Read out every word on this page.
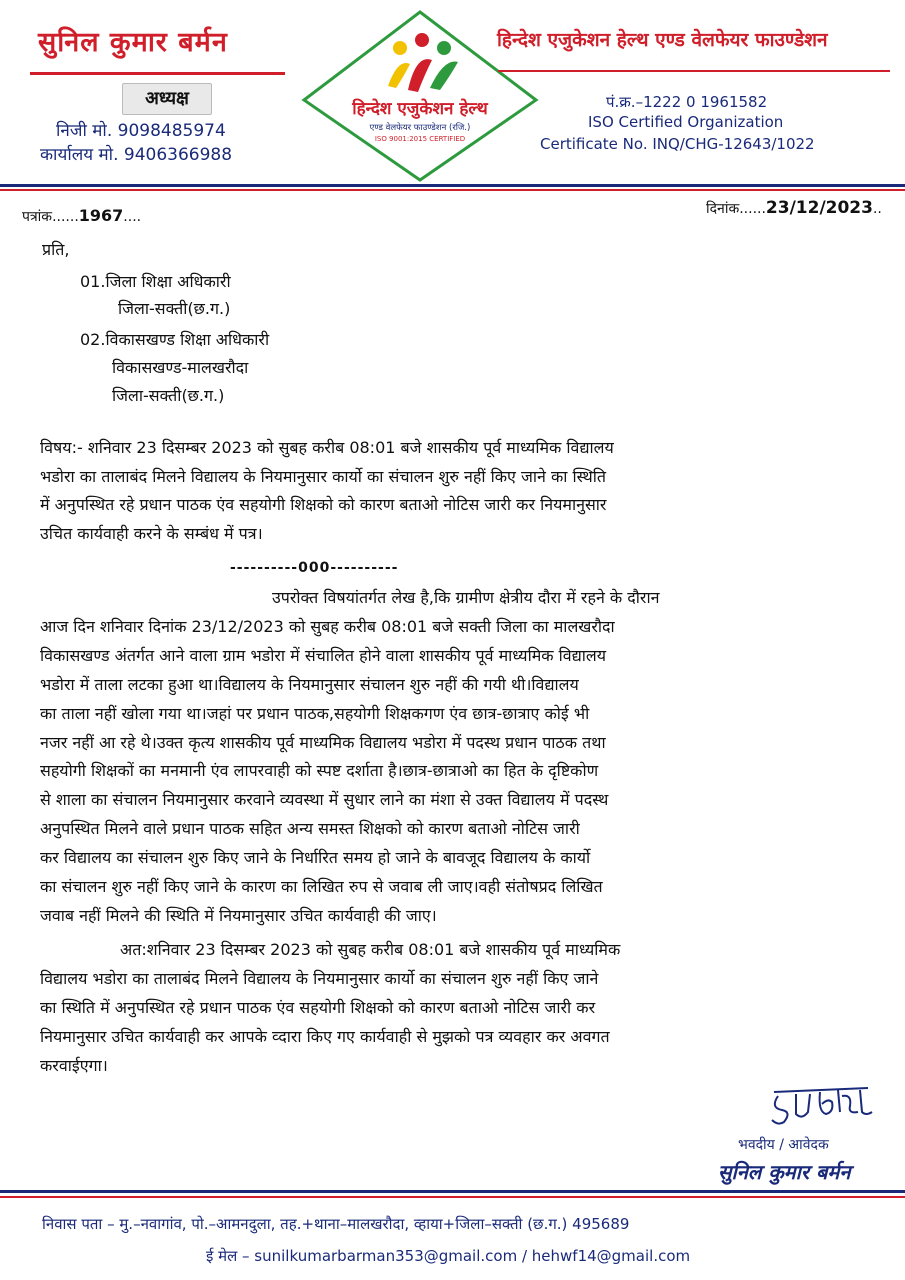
सुनिल कुमार बर्मन
अध्यक्ष
निजी मो. 9098485974
कार्यालय मो. 9406366988
हिन्देश एजुकेशन हेल्थ
एण्ड वेलफेयर फाउण्डेशन (रजि.)
ISO 9001:2015 CERTIFIED
हिन्देश एजुकेशन हेल्थ एण्ड वेलफेयर फाउण्डेशन
पं.क्र.–1222 0 1961582
ISO Certified Organization
Certificate No. INQ/CHG-12643/1022
पत्रांक......1967....	दिनांक......23/12/2023..
प्रति,
01.जिला शिक्षा अधिकारी
जिला-सक्ती(छ.ग.)
02.विकासखण्ड शिक्षा अधिकारी
विकासखण्ड-मालखरौदा
जिला-सक्ती(छ.ग.)
विषय:- शनिवार 23 दिसम्बर 2023 को सुबह करीब 08:01 बजे शासकीय पूर्व माध्यमिक विद्यालय
भडोरा का तालाबंद मिलने विद्यालय के नियमानुसार कार्यो का संचालन शुरु नहीं किए जाने का स्थिति
में अनुपस्थित रहे प्रधान पाठक एंव सहयोगी शिक्षको को कारण बताओ नोटिस जारी कर नियमानुसार
उचित कार्यवाही करने के सम्बंध में पत्र।
----------000----------
उपरोक्त विषयांतर्गत लेख है,कि ग्रामीण क्षेत्रीय दौरा में रहने के दौरान
आज दिन शनिवार दिनांक 23/12/2023 को सुबह करीब 08:01 बजे सक्ती जिला का मालखरौदा
विकासखण्ड अंतर्गत आने वाला ग्राम भडोरा में संचालित होने वाला शासकीय पूर्व माध्यमिक विद्यालय
भडोरा में ताला लटका हुआ था।विद्यालय के नियमानुसार संचालन शुरु नहीं की गयी थी।विद्यालय
का ताला नहीं खोला गया था।जहां पर प्रधान पाठक,सहयोगी शिक्षकगण एंव छात्र-छात्राए कोई भी
नजर नहीं आ रहे थे।उक्त कृत्य शासकीय पूर्व माध्यमिक विद्यालय भडोरा में पदस्थ प्रधान पाठक तथा
सहयोगी शिक्षकों का मनमानी एंव लापरवाही को स्पष्ट दर्शाता है।छात्र-छात्राओ का हित के दृष्टिकोण
से शाला का संचालन नियमानुसार करवाने व्यवस्था में सुधार लाने का मंशा से उक्त विद्यालय में पदस्थ
अनुपस्थित मिलने वाले प्रधान पाठक सहित अन्य समस्त शिक्षको को कारण बताओ नोटिस जारी
कर विद्यालय का संचालन शुरु किए जाने के निर्धारित समय हो जाने के बावजूद विद्यालय के कार्यो
का संचालन शुरु नहीं किए जाने के कारण का लिखित रुप से जवाब ली जाए।वही संतोषप्रद लिखित
जवाब नहीं मिलने की स्थिति में नियमानुसार उचित कार्यवाही की जाए।
अत:शनिवार 23 दिसम्बर 2023 को सुबह करीब 08:01 बजे शासकीय पूर्व माध्यमिक
विद्यालय भडोरा का तालाबंद मिलने विद्यालय के नियमानुसार कार्यो का संचालन शुरु नहीं किए जाने
का स्थिति में अनुपस्थित रहे प्रधान पाठक एंव सहयोगी शिक्षको को कारण बताओ नोटिस जारी कर
नियमानुसार उचित कार्यवाही कर आपके व्दारा किए गए कार्यवाही से मुझको पत्र व्यवहार कर अवगत
करवाईएगा।
भवदीय / आवेदक
सुनिल कुमार बर्मन
निवास पता – मु.–नवागांव, पो.–आमनदुला, तह.+थाना–मालखरौदा, व्हाया+जिला–सक्ती (छ.ग.) 495689
ई मेल – sunilkumarbarman353@gmail.com / hehwf14@gmail.com
